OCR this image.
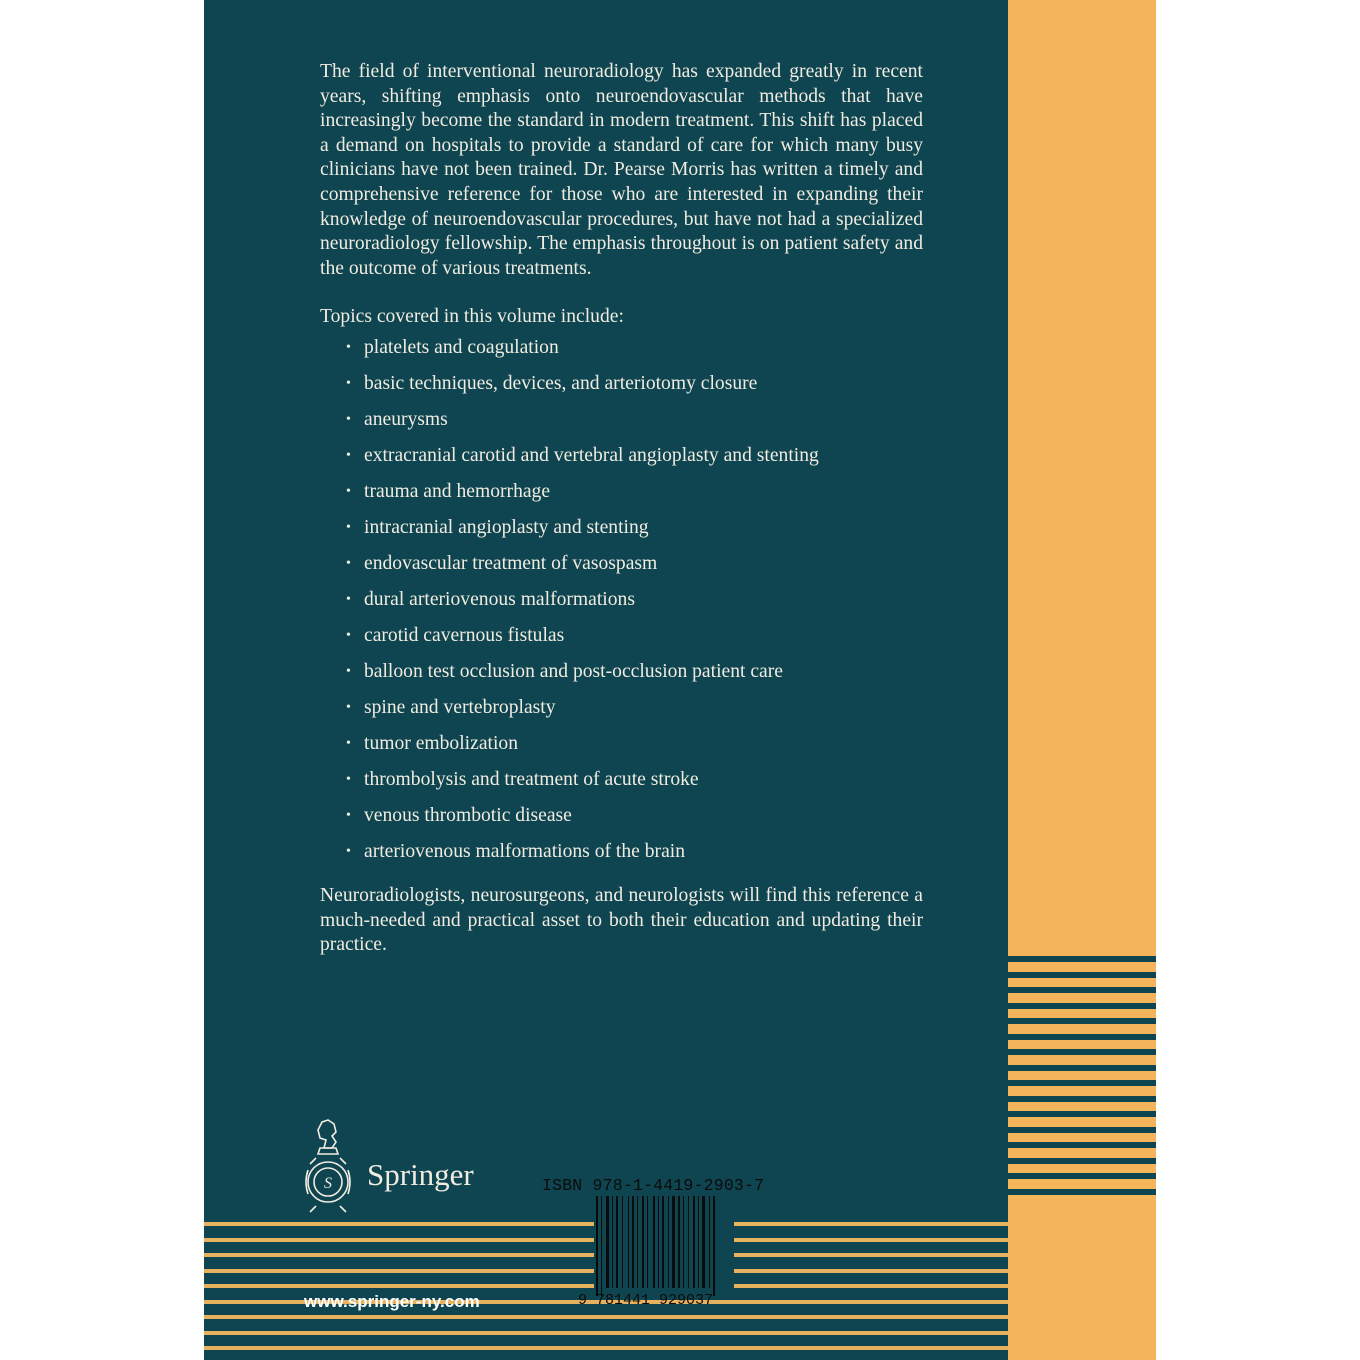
The field of interventional neuroradiology has expanded greatly in recent years, shifting emphasis onto neuroendovascular methods that have increasingly become the standard in modern treatment. This shift has placed a demand on hospitals to provide a standard of care for which many busy clinicians have not been trained. Dr. Pearse Morris has written a timely and comprehensive reference for those who are interested in expanding their knowledge of neuroendovascular procedures, but have not had a specialized neuroradiology fellowship. The emphasis throughout is on patient safety and the outcome of various treatments.

Topics covered in this volume include:

• platelets and coagulation
• basic techniques, devices, and arteriotomy closure
• aneurysms
• extracranial carotid and vertebral angioplasty and stenting
• trauma and hemorrhage
• intracranial angioplasty and stenting
• endovascular treatment of vasospasm
• dural arteriovenous malformations
• carotid cavernous fistulas
• balloon test occlusion and post-occlusion patient care
• spine and vertebroplasty
• tumor embolization
• thrombolysis and treatment of acute stroke
• venous thrombotic disease
• arteriovenous malformations of the brain

Neuroradiologists, neurosurgeons, and neurologists will find this reference a much-needed and practical asset to both their education and updating their practice.

S Springer
www.springer-ny.com
ISBN 978-1-4419-2903-7
9 781441 929037
